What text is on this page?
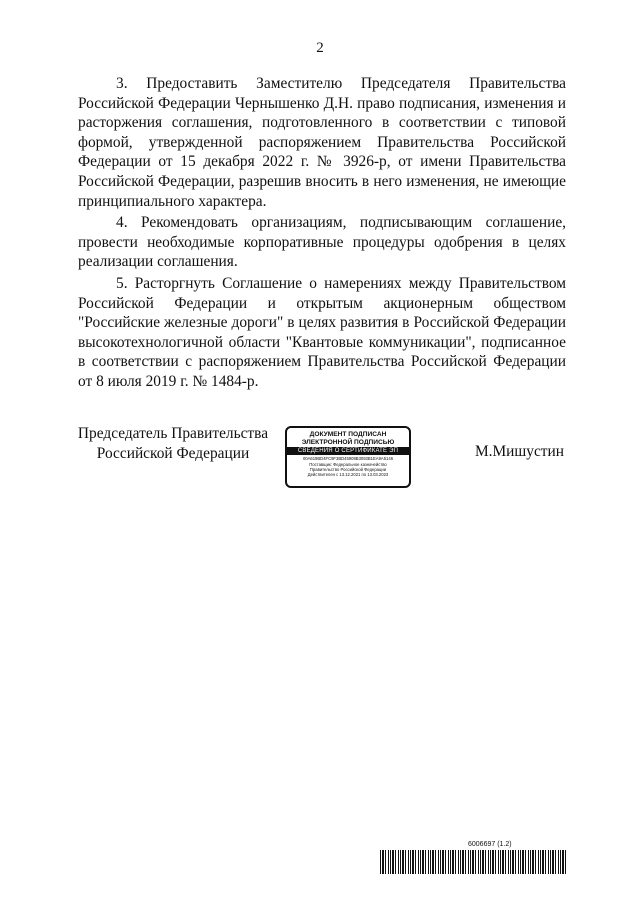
2

3. Предоставить Заместителю Председателя Правительства Российской Федерации Чернышенко Д.Н. право подписания, изменения и расторжения соглашения, подготовленного в соответствии с типовой формой, утвержденной распоряжением Правительства Российской Федерации от 15 декабря 2022 г. № 3926-р, от имени Правительства Российской Федерации, разрешив вносить в него изменения, не имеющие принципиального характера.

4. Рекомендовать организациям, подписывающим соглашение, провести необходимые корпоративные процедуры одобрения в целях реализации соглашения.

5. Расторгнуть Соглашение о намерениях между Правительством Российской Федерации и открытым акционерным обществом "Российские железные дороги" в целях развития в Российской Федерации высокотехнологичной области "Квантовые коммуникации", подписанное в соответствии с распоряжением Правительства Российской Федерации от 8 июля 2019 г. № 1484-р.

Председатель Правительства
Российской Федерации
ДОКУМЕНТ ПОДПИСАН
ЭЛЕКТРОННОЙ ПОДПИСЬЮ
СВЕДЕНИЯ О СЕРТИФИКАТЕ ЭП
00A619BD4FC9F3BD45908B3093B1EA9A5146
Поставщик: Федеральное казначейство
Правительство Российской Федерации
Действителен с 13.12.2021 по 13.03.2023
М.Мишустин
6006697 (1.2)
